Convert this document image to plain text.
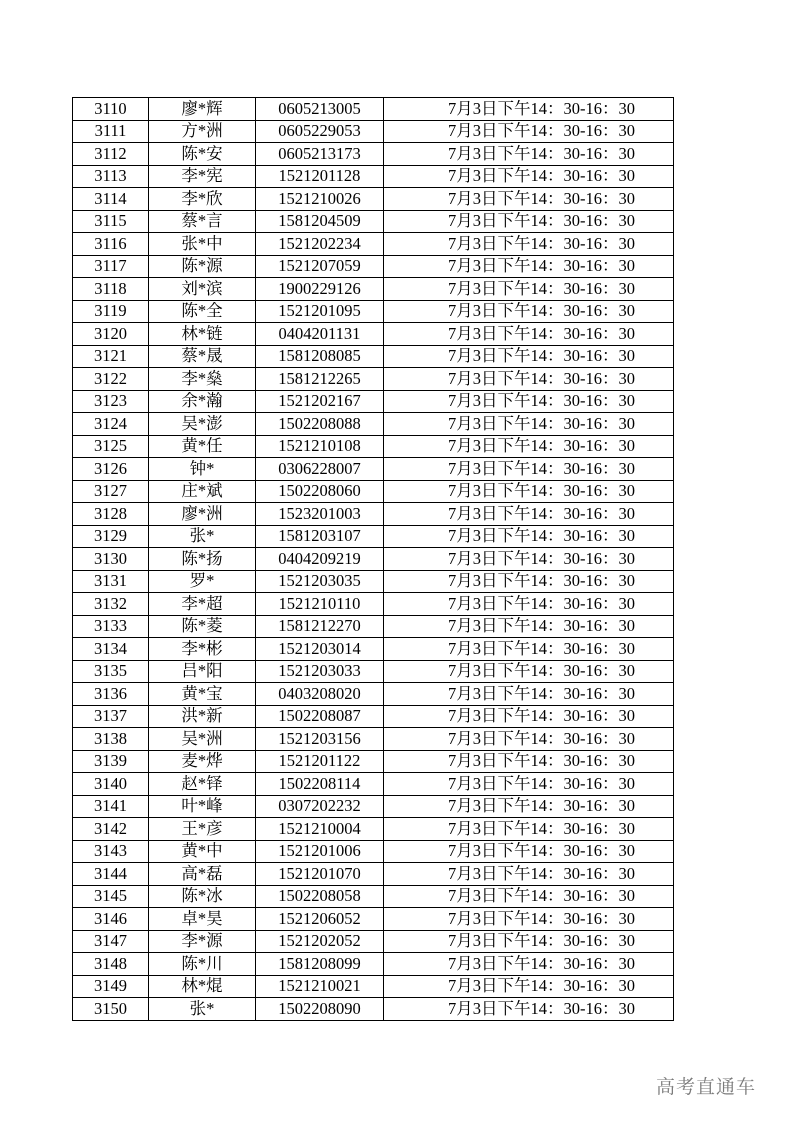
3110	廖*辉	0605213005	7月3日下午14：30-16：30
3111	方*洲	0605229053	7月3日下午14：30-16：30
3112	陈*安	0605213173	7月3日下午14：30-16：30
3113	李*宪	1521201128	7月3日下午14：30-16：30
3114	李*欣	1521210026	7月3日下午14：30-16：30
3115	蔡*言	1581204509	7月3日下午14：30-16：30
3116	张*中	1521202234	7月3日下午14：30-16：30
3117	陈*源	1521207059	7月3日下午14：30-16：30
3118	刘*滨	1900229126	7月3日下午14：30-16：30
3119	陈*全	1521201095	7月3日下午14：30-16：30
3120	林*链	0404201131	7月3日下午14：30-16：30
3121	蔡*晟	1581208085	7月3日下午14：30-16：30
3122	李*燊	1581212265	7月3日下午14：30-16：30
3123	余*瀚	1521202167	7月3日下午14：30-16：30
3124	吴*澎	1502208088	7月3日下午14：30-16：30
3125	黄*任	1521210108	7月3日下午14：30-16：30
3126	钟*	0306228007	7月3日下午14：30-16：30
3127	庄*斌	1502208060	7月3日下午14：30-16：30
3128	廖*洲	1523201003	7月3日下午14：30-16：30
3129	张*	1581203107	7月3日下午14：30-16：30
3130	陈*扬	0404209219	7月3日下午14：30-16：30
3131	罗*	1521203035	7月3日下午14：30-16：30
3132	李*超	1521210110	7月3日下午14：30-16：30
3133	陈*菱	1581212270	7月3日下午14：30-16：30
3134	李*彬	1521203014	7月3日下午14：30-16：30
3135	吕*阳	1521203033	7月3日下午14：30-16：30
3136	黄*宝	0403208020	7月3日下午14：30-16：30
3137	洪*新	1502208087	7月3日下午14：30-16：30
3138	吴*洲	1521203156	7月3日下午14：30-16：30
3139	麦*烨	1521201122	7月3日下午14：30-16：30
3140	赵*铎	1502208114	7月3日下午14：30-16：30
3141	叶*峰	0307202232	7月3日下午14：30-16：30
3142	王*彦	1521210004	7月3日下午14：30-16：30
3143	黄*中	1521201006	7月3日下午14：30-16：30
3144	高*磊	1521201070	7月3日下午14：30-16：30
3145	陈*冰	1502208058	7月3日下午14：30-16：30
3146	卓*昊	1521206052	7月3日下午14：30-16：30
3147	李*源	1521202052	7月3日下午14：30-16：30
3148	陈*川	1581208099	7月3日下午14：30-16：30
3149	林*焜	1521210021	7月3日下午14：30-16：30
3150	张*	1502208090	7月3日下午14：30-16：30
高考直通车
